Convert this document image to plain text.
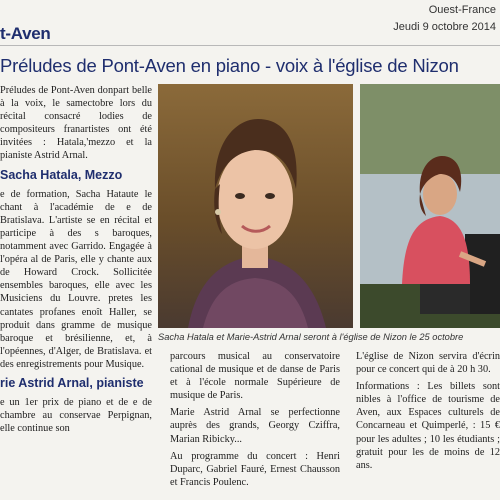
t-Aven
Ouest-France
Jeudi 9 octobre 2014
Préludes de Pont-Aven en piano - voix à l'église de Nizon

Préludes de Pont-Aven donpart belle à la voix, le samectobre lors du récital consacré lodies de compositeurs franartistes ont été invitées : Hatala,'mezzo et la pianiste Astrid Arnal.

Sacha Hatala, Mezzo

e de formation, Sacha Hataute le chant à l'académie de e de Bratislava. L'artiste se en récital et participe à des s baroques, notamment avec Garrido. Engagée à l'opéra al de Paris, elle y chante aux de Howard Crock. Sollicitée ensembles baroques, elle avec les Musiciens du Louvre. pretes les cantates profanes enoît Haller, se produit dans gramme de musique baroque et brésilienne, et, à l'opéennes, d'Alger, de Bratislava. et des enregistrements pour Musique.

rie Astrid Arnal, pianiste

e un 1er prix de piano et de e de chambre au conservae Perpignan, elle continue son

Sacha Hatala et Marie-Astrid Arnal seront à l'église de Nizon le 25 octobre

parcours musical au conservatoire cational de musique et de danse de Paris et à l'école normale Supérieure de musique de Paris.

Marie Astrid Arnal se perfectionne auprès des grands, Georgy Cziffra, Marian Ribicky...

Au programme du concert : Henri Duparc, Gabriel Fauré, Ernest Chausson et Francis Poulenc.

L'église de Nizon servira d'écrin pour ce concert qui de à 20 h 30.

Informations : Les billets sont nibles à l'office de tourisme de Aven, aux Espaces culturels de Concarneau et Quimperlé, : 15 € pour les adultes ; 10 les étudiants ; gratuit pour les de moins de 12 ans.
